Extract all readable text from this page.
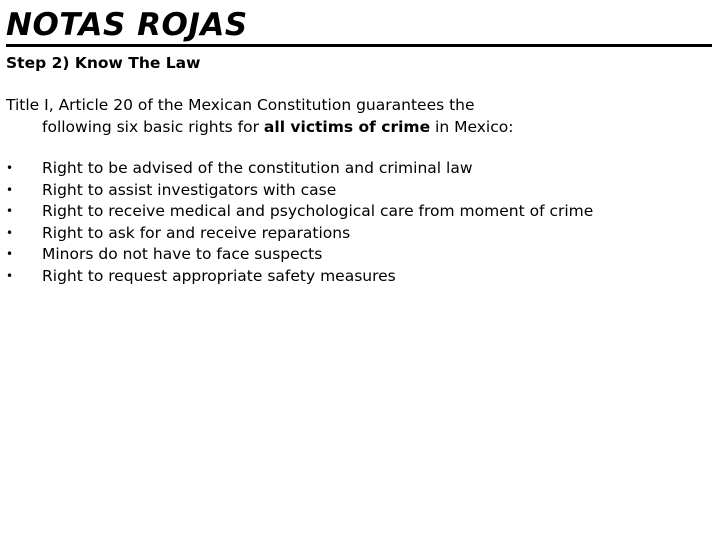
NOTAS ROJAS
Step 2) Know The Law

Title I, Article 20 of the Mexican Constitution guarantees the
following six basic rights for all victims of crime in Mexico:

• Right to be advised of the constitution and criminal law
• Right to assist investigators with case
• Right to receive medical and psychological care from moment of crime
• Right to ask for and receive reparations
• Minors do not have to face suspects
• Right to request appropriate safety measures
